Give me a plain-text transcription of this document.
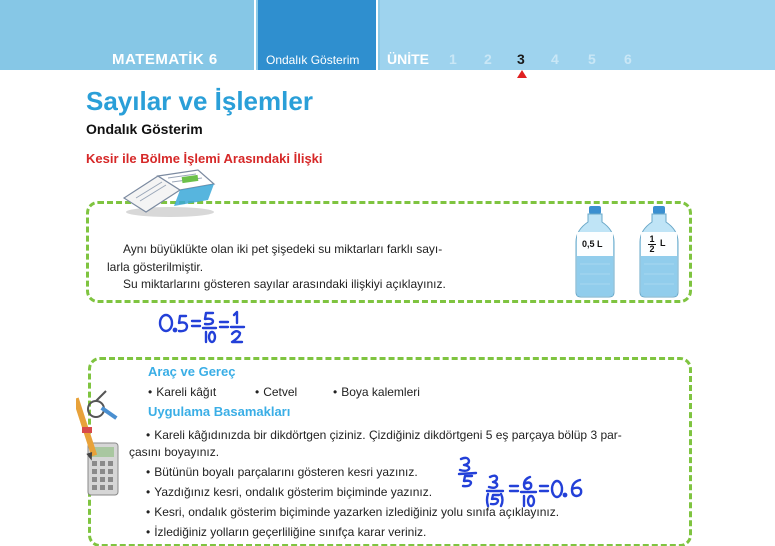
MATEMATİK 6	Ondalık Gösterim ÜNİTE 1 2 3 4 5 6
Sayılar ve İşlemler
Ondalık Gösterim
Kesir ile Bölme İşlemi Arasındaki İlişki
Aynı büyüklükte olan iki pet şişedeki su miktarları farklı sayı-
larla gösterilmiştir.
Su miktarlarını gösteren sayılar arasındaki ilişkiyi açıklayınız.
0,5 L	1
2
L
Araç ve Gereç
• Kareli kâğıt	• Cetvel	• Boya kalemleri
Uygulama Basamakları
• Kareli kâğıdınızda bir dikdörtgen çiziniz. Çizdiğiniz dikdörtgeni 5 eş parçaya bölüp 3 par-
çasını boyayınız.
• Bütünün boyalı parçalarını gösteren kesri yazınız.
• Yazdığınız kesri, ondalık gösterim biçiminde yazınız.
• Kesri, ondalık gösterim biçiminde yazarken izlediğiniz yolu sınıfa açıklayınız.
• İzlediğiniz yolların geçerliliğine sınıfça karar veriniz.
